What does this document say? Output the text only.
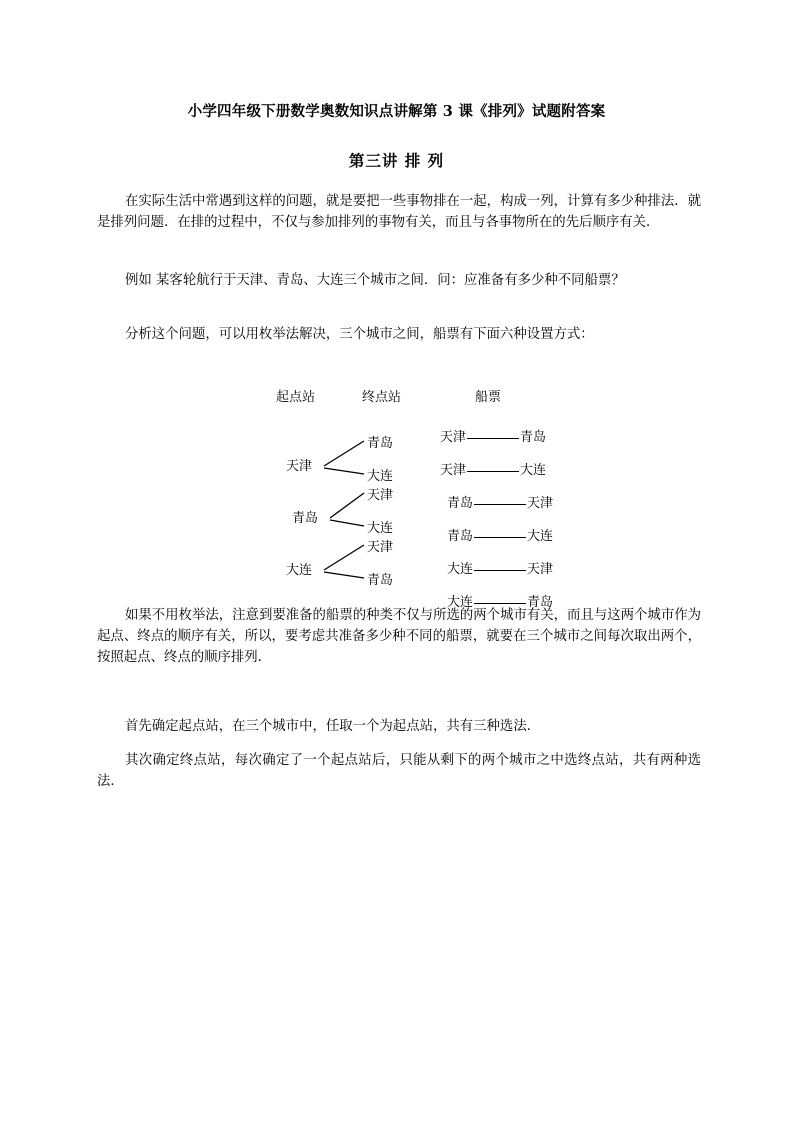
小学四年级下册数学奥数知识点讲解第 3 课《排列》试题附答案
第三讲 排 列
在实际生活中常遇到这样的问题，就是要把一些事物排在一起，构成一列，计算有多少种排法．就是排列问题．在排的过程中，不仅与参加排列的事物有关，而且与各事物所在的先后顺序有关．
例如 某客轮航行于天津、青岛、大连三个城市之间．问：应准备有多少种不同船票？
分析这个问题，可以用枚举法解决，三个城市之间，船票有下面六种设置方式：
起点站	终点站	船票
天津
青岛
大连
青岛
大连
天津
大连
天津
青岛
天津	青岛
天津	大连
青岛	天津
青岛	大连
大连	天津
大连	青岛
如果不用枚举法，注意到要准备的船票的种类不仅与所选的两个城市有关，而且与这两个城市作为起点、终点的顺序有关，所以，要考虑共准备多少种不同的船票，就要在三个城市之间每次取出两个，按照起点、终点的顺序排列．
首先确定起点站，在三个城市中，任取一个为起点站，共有三种选法．
其次确定终点站，每次确定了一个起点站后，只能从剩下的两个城市之中选终点站，共有两种选法．
